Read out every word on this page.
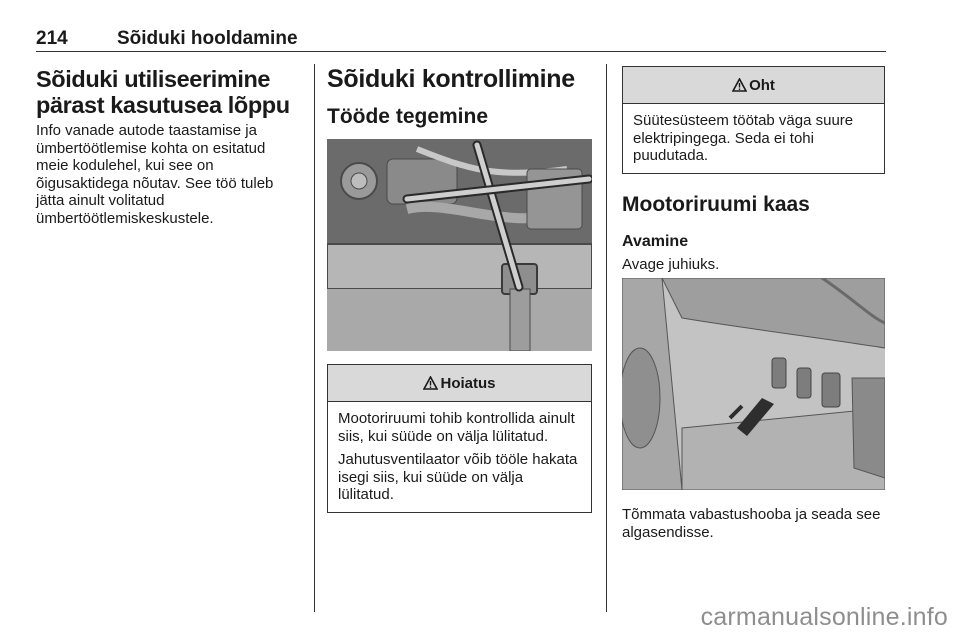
214	Sõiduki hooldamine
Sõiduki utiliseerimine pärast kasutusea lõppu

Info vanade autode taastamise ja ümbertöötlemise kohta on esitatud meie kodulehel, kui see on õigusaktidega nõutav. See töö tuleb jätta ainult volitatud ümbertöötlemiskeskustele.

Sõiduki kontrollimine
Tööde tegemine
Hoiatus

Mootoriruumi tohib kontrollida ainult siis, kui süüde on välja lülitatud.

Jahutusventilaator võib tööle hakata isegi siis, kui süüde on välja lülitatud.

Oht

Süütesüsteem töötab väga suure elektripingega. Seda ei tohi puudutada.

Mootoriruumi kaas
Avamine

Avage juhiuks.

Tõmmata vabastushooba ja seada see algasendisse.

carmanualsonline.info
